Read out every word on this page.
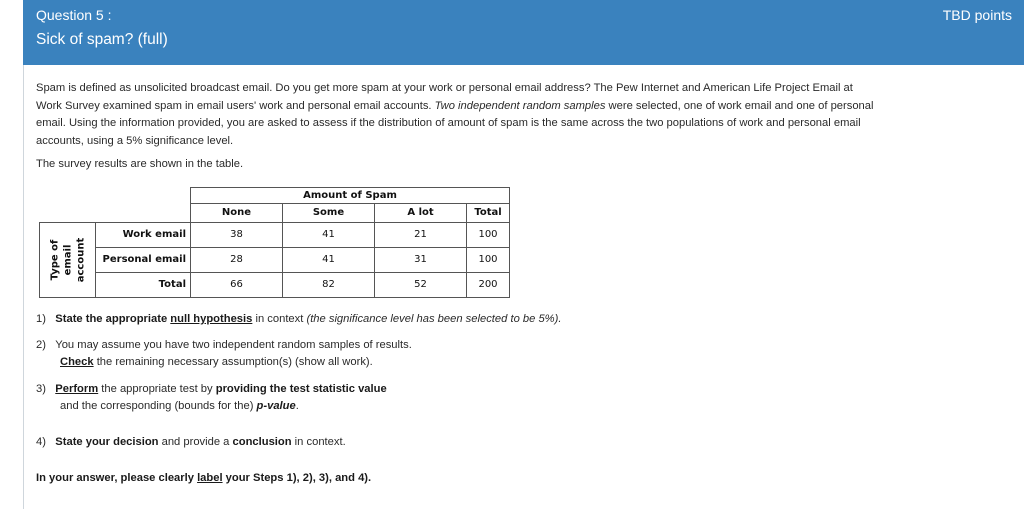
Question 5 :
Sick of spam? (full)
TBD points
Spam is defined as unsolicited broadcast email. Do you get more spam at your work or personal email address? The Pew Internet and American Life Project Email at Work Survey examined spam in email users' work and personal email accounts. Two independent random samples were selected, one of work email and one of personal email. Using the information provided, you are asked to assess if the distribution of amount of spam is the same across the two populations of work and personal email accounts, using a 5% significance level.
The survey results are shown in the table.
		Amount of Spam			
		None	Some	A lot	Total

Type of email account	Work email	38	41	21	100
	Personal email	28	41	31	100
	Total	66	82	52	200
1) State the appropriate null hypothesis in context (the significance level has been selected to be 5%).
2) You may assume you have two independent random samples of results.
Check the remaining necessary assumption(s) (show all work).
3) Perform the appropriate test by providing the test statistic value
and the corresponding (bounds for the) p-value.
4) State your decision and provide a conclusion in context.
In your answer, please clearly label your Steps 1), 2), 3), and 4).
